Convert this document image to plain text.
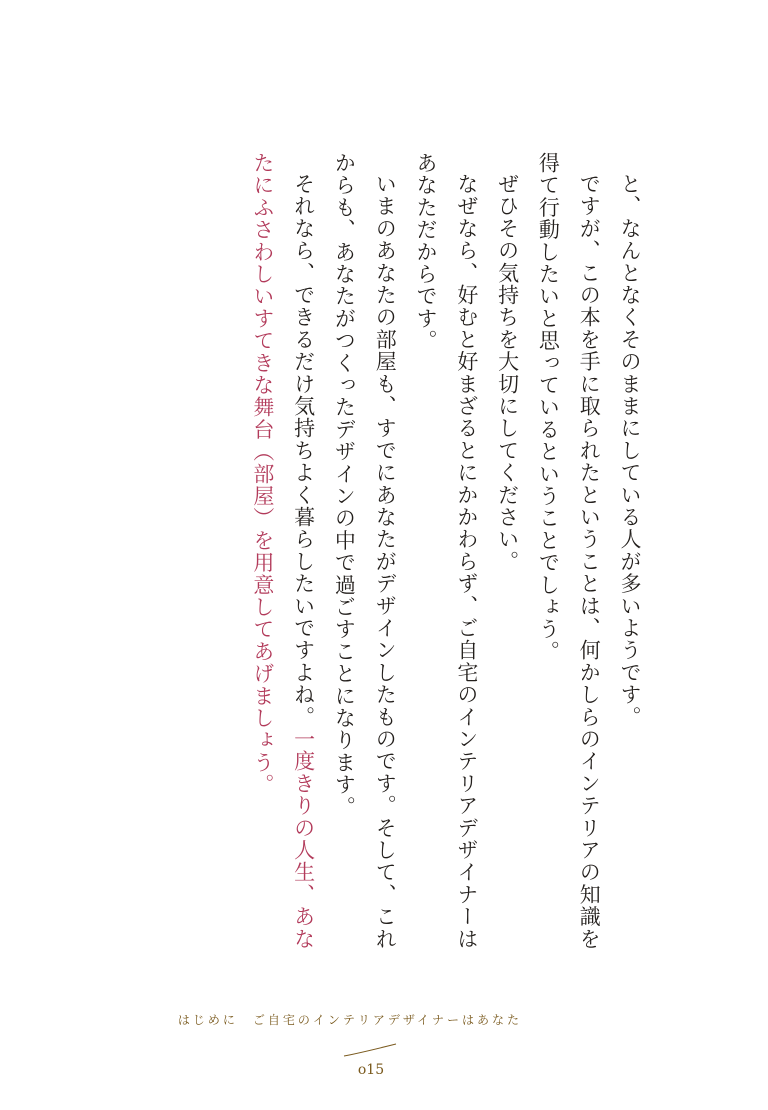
と、なんとなくそのままにしている人が多いようです。

ですが、この本を手に取られたということは、何かしらのインテリアの知識を得て行動したいと思っているということでしょう。

ぜひその気持ちを大切にしてください。

なぜなら、好むと好まざるとにかかわらず、ご自宅のインテリアデザイナーはあなただからです。

いまのあなたの部屋も、すでにあなたがデザインしたものです。そして、これからも、あなたがつくったデザインの中で過ごすことになります。

それなら、できるだけ気持ちよく暮らしたいですよね。一度きりの人生、あなたにふさわしいすてきな舞台（部屋）を用意してあげましょう。

はじめに　ご自宅のインテリアデザイナーはあなた
o15
